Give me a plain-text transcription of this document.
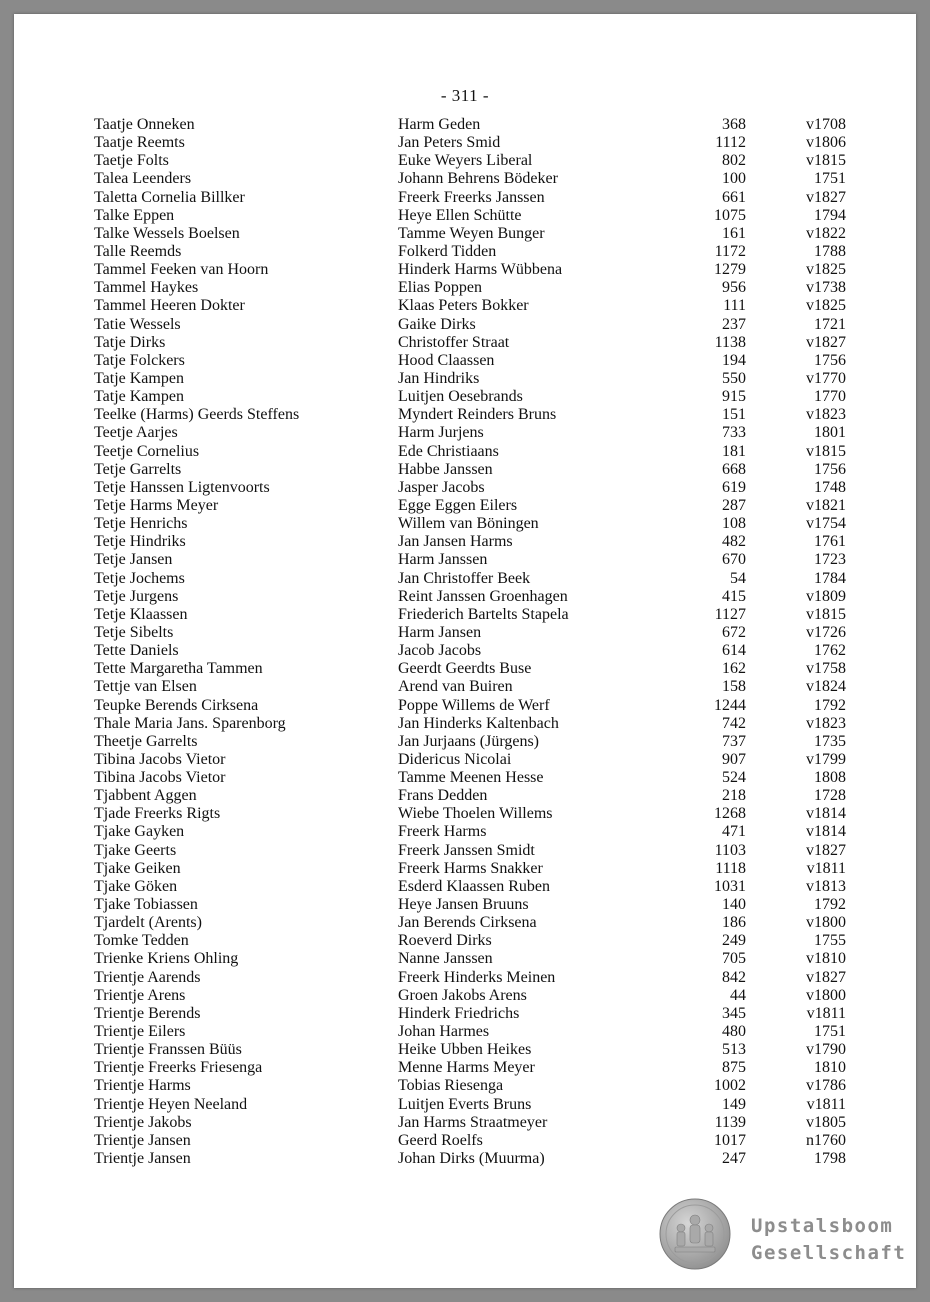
- 311 -
Taatje Onneken	Harm Geden	368	v1708
Taatje Reemts	Jan Peters Smid	1112	v1806
Taetje Folts	Euke Weyers Liberal	802	v1815
Talea Leenders	Johann Behrens Bödeker	100	1751
Taletta Cornelia Billker	Freerk Freerks Janssen	661	v1827
Talke Eppen	Heye Ellen Schütte	1075	1794
Talke Wessels Boelsen	Tamme Weyen Bunger	161	v1822
Talle Reemds	Folkerd Tidden	1172	1788
Tammel Feeken van Hoorn	Hinderk Harms Wübbena	1279	v1825
Tammel Haykes	Elias Poppen	956	v1738
Tammel Heeren Dokter	Klaas Peters Bokker	111	v1825
Tatie Wessels	Gaike Dirks	237	1721
Tatje Dirks	Christoffer Straat	1138	v1827
Tatje Folckers	Hood Claassen	194	1756
Tatje Kampen	Jan Hindriks	550	v1770
Tatje Kampen	Luitjen Oesebrands	915	1770
Teelke (Harms) Geerds Steffens	Myndert Reinders Bruns	151	v1823
Teetje Aarjes	Harm Jurjens	733	1801
Teetje Cornelius	Ede Christiaans	181	v1815
Tetje Garrelts	Habbe Janssen	668	1756
Tetje Hanssen Ligtenvoorts	Jasper Jacobs	619	1748
Tetje Harms Meyer	Egge Eggen Eilers	287	v1821
Tetje Henrichs	Willem van Böningen	108	v1754
Tetje Hindriks	Jan Jansen Harms	482	1761
Tetje Jansen	Harm Janssen	670	1723
Tetje Jochems	Jan Christoffer Beek	54	1784
Tetje Jurgens	Reint Janssen Groenhagen	415	v1809
Tetje Klaassen	Friederich Bartelts Stapela	1127	v1815
Tetje Sibelts	Harm Jansen	672	v1726
Tette Daniels	Jacob Jacobs	614	1762
Tette Margaretha Tammen	Geerdt Geerdts Buse	162	v1758
Tettje van Elsen	Arend van Buiren	158	v1824
Teupke Berends Cirksena	Poppe Willems de Werf	1244	1792
Thale Maria Jans. Sparenborg	Jan Hinderks Kaltenbach	742	v1823
Theetje Garrelts	Jan Jurjaans (Jürgens)	737	1735
Tibina Jacobs Vietor	Didericus Nicolai	907	v1799
Tibina Jacobs Vietor	Tamme Meenen Hesse	524	1808
Tjabbent Aggen	Frans Dedden	218	1728
Tjade Freerks Rigts	Wiebe Thoelen Willems	1268	v1814
Tjake Gayken	Freerk Harms	471	v1814
Tjake Geerts	Freerk Janssen Smidt	1103	v1827
Tjake Geiken	Freerk Harms Snakker	1118	v1811
Tjake Göken	Esderd Klaassen Ruben	1031	v1813
Tjake Tobiassen	Heye Jansen Bruuns	140	1792
Tjardelt (Arents)	Jan Berends Cirksena	186	v1800
Tomke Tedden	Roeverd Dirks	249	1755
Trienke Kriens Ohling	Nanne Janssen	705	v1810
Trientje Aarends	Freerk Hinderks Meinen	842	v1827
Trientje Arens	Groen Jakobs Arens	44	v1800
Trientje Berends	Hinderk Friedrichs	345	v1811
Trientje Eilers	Johan Harmes	480	1751
Trientje Franssen Büüs	Heike Ubben Heikes	513	v1790
Trientje Freerks Friesenga	Menne Harms Meyer	875	1810
Trientje Harms	Tobias Riesenga	1002	v1786
Trientje Heyen Neeland	Luitjen Everts Bruns	149	v1811
Trientje Jakobs	Jan Harms Straatmeyer	1139	v1805
Trientje Jansen	Geerd Roelfs	1017	n1760
Trientje Jansen	Johan Dirks (Muurma)	247	1798
Upstalsboom
Gesellschaft
